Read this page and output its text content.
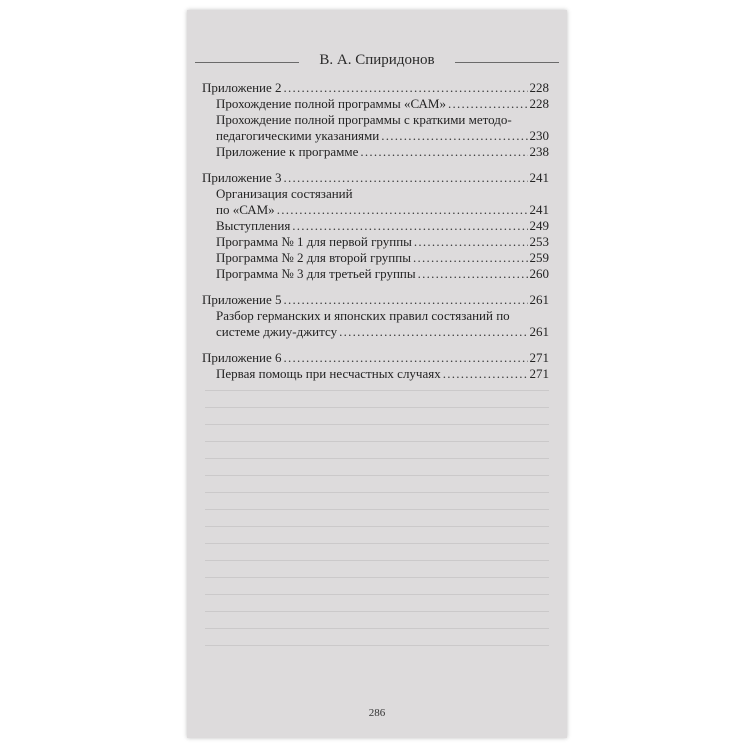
В. А. Спиридонов
Приложение 2 . . .	228
Прохождение полной программы «САМ» . . .	228
Прохождение полной программы с краткими методо-
педагогическими указаниями . . .	230
Приложение к программе . . .	238
Приложение 3 . . .	241
Организация состязаний
по «САМ» . . .	241
Выступления . . .	249
Программа № 1 для первой группы . . .	253
Программа № 2 для второй группы . . .	259
Программа № 3 для третьей группы . . .	260
Приложение 5 . . .	261
Разбор германских и японских правил состязаний по
системе джиу-джитсу . . .	261
Приложение 6 . . .	271
Первая помощь при несчастных случаях . . .	271
286
